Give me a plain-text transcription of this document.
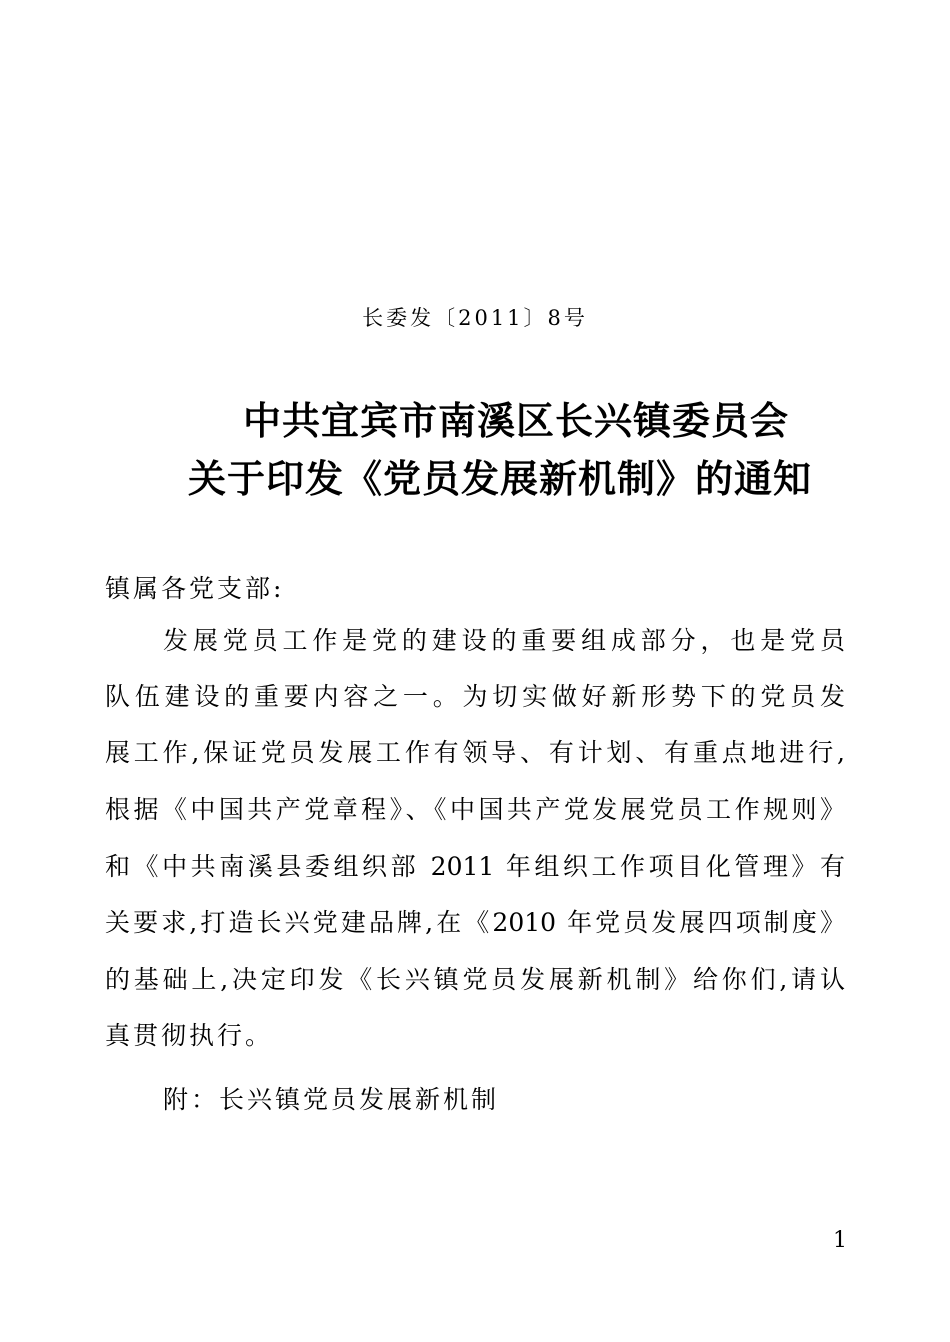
长委发〔2011〕8号
中共宜宾市南溪区长兴镇委员会
关于印发《党员发展新机制》的通知
镇属各党支部:
发展党员工作是党的建设的重要组成部分，也是党员
队伍建设的重要内容之一。为切实做好新形势下的党员发
展工作,保证党员发展工作有领导、有计划、有重点地进行,
根据《中国共产党章程》、《中国共产党发展党员工作规则》
和《中共南溪县委组织部 2011 年组织工作项目化管理》有
关要求,打造长兴党建品牌,在《2010 年党员发展四项制度》
的基础上,决定印发《长兴镇党员发展新机制》给你们,请认
真贯彻执行。
附：长兴镇党员发展新机制
1
